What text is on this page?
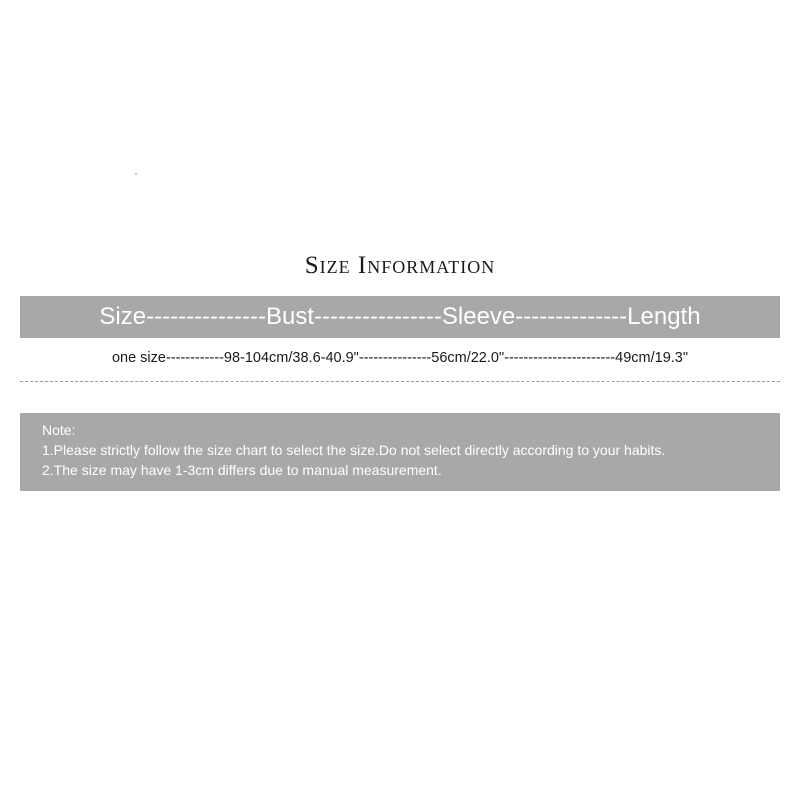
Size Information
Size---------------Bust----------------Sleeve--------------Length
one size------------98-104cm/38.6-40.9"---------------56cm/22.0"-----------------------49cm/19.3"
Note:
1.Please strictly follow the size chart to select the size.Do not select directly according to your habits.
2.The size may have 1-3cm differs due to manual measurement.
